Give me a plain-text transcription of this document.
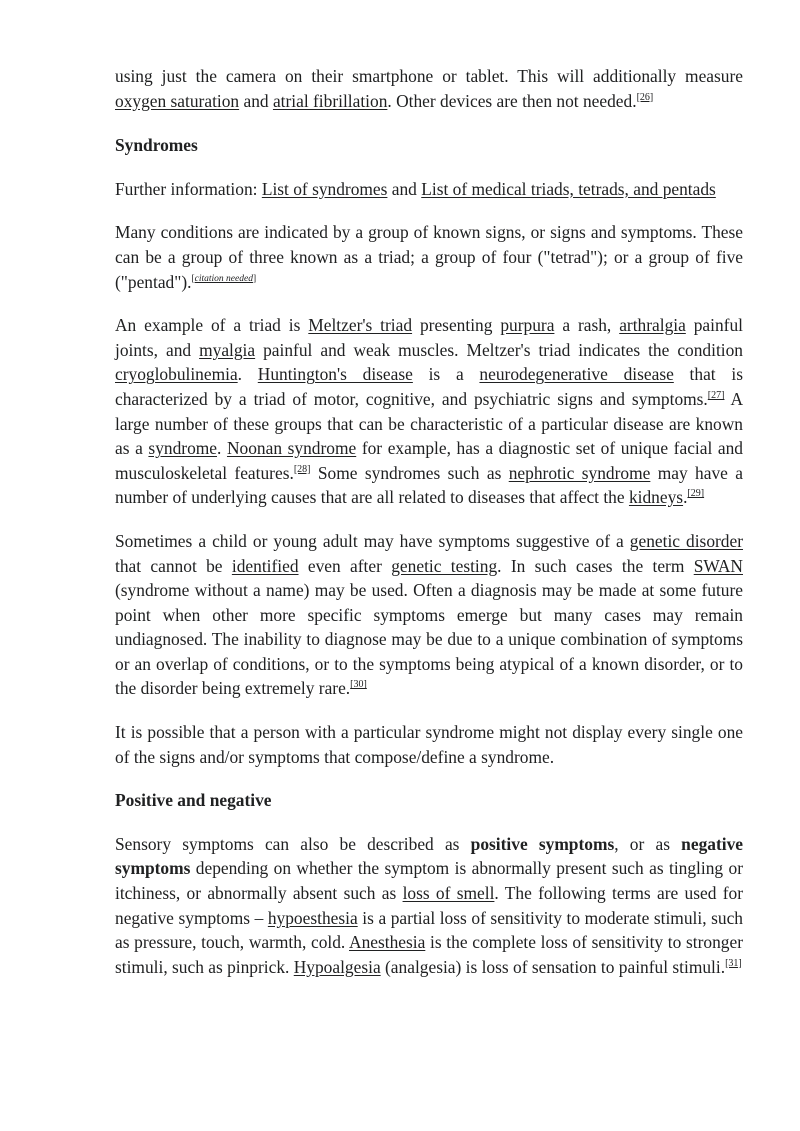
using just the camera on their smartphone or tablet. This will additionally measure oxygen saturation and atrial fibrillation. Other devices are then not needed.[26]

Syndromes

Further information: List of syndromes and List of medical triads, tetrads, and pentads

Many conditions are indicated by a group of known signs, or signs and symptoms. These can be a group of three known as a triad; a group of four ("tetrad"); or a group of five ("pentad").[citation needed]

An example of a triad is Meltzer's triad presenting purpura a rash, arthralgia painful joints, and myalgia painful and weak muscles. Meltzer's triad indicates the condition cryoglobulinemia. Huntington's disease is a neurodegenerative disease that is characterized by a triad of motor, cognitive, and psychiatric signs and symptoms.[27] A large number of these groups that can be characteristic of a particular disease are known as a syndrome. Noonan syndrome for example, has a diagnostic set of unique facial and musculoskeletal features.[28] Some syndromes such as nephrotic syndrome may have a number of underlying causes that are all related to diseases that affect the kidneys.[29]

Sometimes a child or young adult may have symptoms suggestive of a genetic disorder that cannot be identified even after genetic testing. In such cases the term SWAN (syndrome without a name) may be used. Often a diagnosis may be made at some future point when other more specific symptoms emerge but many cases may remain undiagnosed. The inability to diagnose may be due to a unique combination of symptoms or an overlap of conditions, or to the symptoms being atypical of a known disorder, or to the disorder being extremely rare.[30]

It is possible that a person with a particular syndrome might not display every single one of the signs and/or symptoms that compose/define a syndrome.

Positive and negative

Sensory symptoms can also be described as positive symptoms, or as negative symptoms depending on whether the symptom is abnormally present such as tingling or itchiness, or abnormally absent such as loss of smell. The following terms are used for negative symptoms – hypoesthesia is a partial loss of sensitivity to moderate stimuli, such as pressure, touch, warmth, cold. Anesthesia is the complete loss of sensitivity to stronger stimuli, such as pinprick. Hypoalgesia (analgesia) is loss of sensation to painful stimuli.[31]
